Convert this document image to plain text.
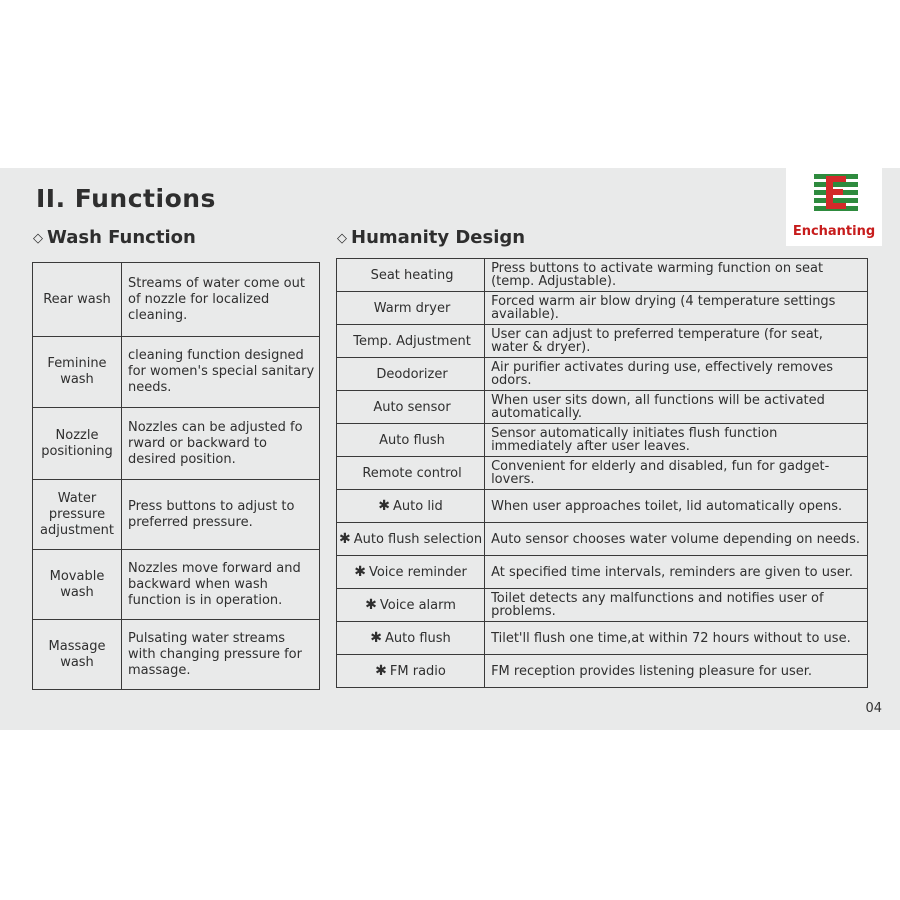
II. Functions
◇ Wash Function	◇ Humanity Design
Rear wash	Streams of water come out of nozzle for localized cleaning.
Feminine wash	cleaning function designed for women's special sanitary needs.
Nozzle positioning	Nozzles can be adjusted fo rward or backward to desired position.
Water pressure adjustment	Press buttons to adjust to preferred pressure.
Movable wash	Nozzles move forward and backward when wash function is in operation.
Massage wash	Pulsating water streams with changing pressure for massage.
Seat heating	Press buttons to activate warming function on seat (temp. Adjustable).
Warm dryer	Forced warm air blow drying (4 temperature settings available).
Temp. Adjustment	User can adjust to preferred temperature (for seat, water & dryer).
Deodorizer	Air purifier activates during use, effectively removes odors.
Auto sensor	When user sits down, all functions will be activated automatically.
Auto flush	Sensor automatically initiates flush function immediately after user leaves.
Remote control	Convenient for elderly and disabled, fun for gadget-lovers.
✱ Auto lid	When user approaches toilet, lid automatically opens.
✱ Auto flush selection	Auto sensor chooses water volume depending on needs.
✱ Voice reminder	At specified time intervals, reminders are given to user.
✱ Voice alarm	Toilet detects any malfunctions and notifies user of problems.
✱ Auto flush	Tilet'll flush one time,at within 72 hours without to use.
✱ FM radio	FM reception provides listening pleasure for user.
04
Enchanting
